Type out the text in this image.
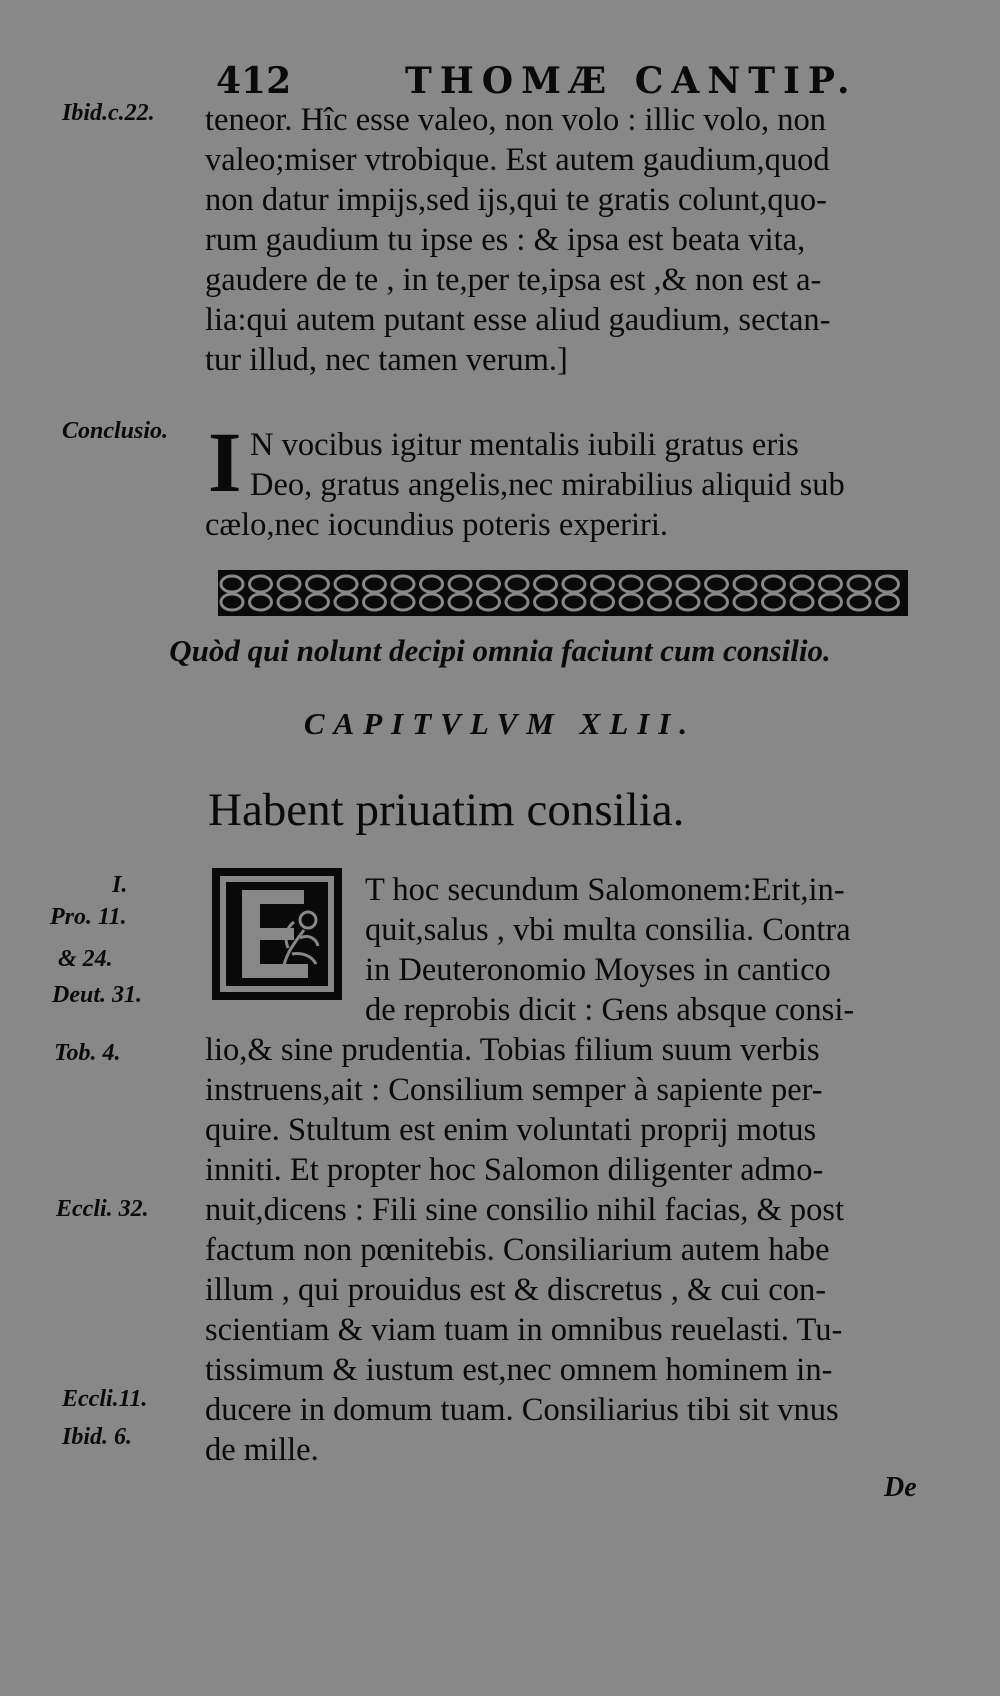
412	THOMÆ CANTIP.
Ibid.c.22. teneor. Hîc esse valeo, non volo : illic volo, non
valeo;miser vtrobique. Est autem gaudium,quod
non datur impijs,sed ijs,qui te gratis colunt,quo-
rum gaudium tu ipse es : & ipsa est beata vita,
gaudere de te , in te,per te,ipsa est ,& non est a-
lia:qui autem putant esse aliud gaudium, sectan-
tur illud, nec tamen verum.]
Conclusio. I N vocibus igitur mentalis iubili gratus eris
Deo, gratus angelis,nec mirabilius aliquid sub
cælo,nec iocundius poteris experiri.
Quòd qui nolunt decipi omnia faciunt cum consilio.
CAPITVLVM XLII.
Habent priuatim consilia.
I.
Pro. 11.
& 24.
Deut. 31.
Tob. 4.
Eccli. 32.
Eccli.11.
Ibid. 6.
T hoc secundum Salomonem:Erit,in-
quit,salus , vbi multa consilia. Contra
in Deuteronomio Moyses in cantico
de reprobis dicit : Gens absque consi-
lio,& sine prudentia. Tobias filium suum verbis
instruens,ait : Consilium semper à sapiente per-
quire. Stultum est enim voluntati proprij motus
inniti. Et propter hoc Salomon diligenter admo-
nuit,dicens : Fili sine consilio nihil facias, & post
factum non pœnitebis. Consiliarium autem habe
illum , qui prouidus est & discretus , & cui con-
scientiam & viam tuam in omnibus reuelasti. Tu-
tissimum & iustum est,nec omnem hominem in-
ducere in domum tuam. Consiliarius tibi sit vnus
de mille.
De
